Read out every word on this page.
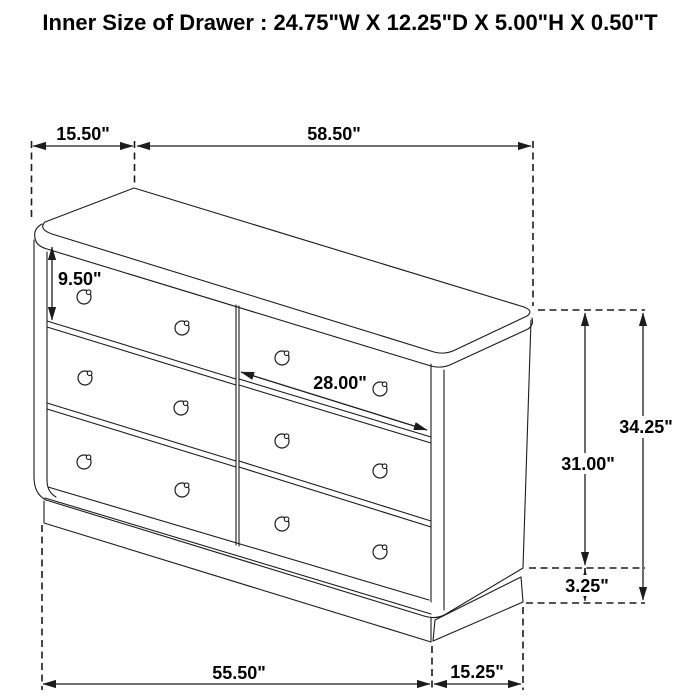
Inner Size of Drawer : 24.75"W X 12.25"D X 5.00"H X 0.50"T
15.50"	58.50"
9.50"
28.00"
31.00"
34.25"
3.25"
55.50"	15.25"
